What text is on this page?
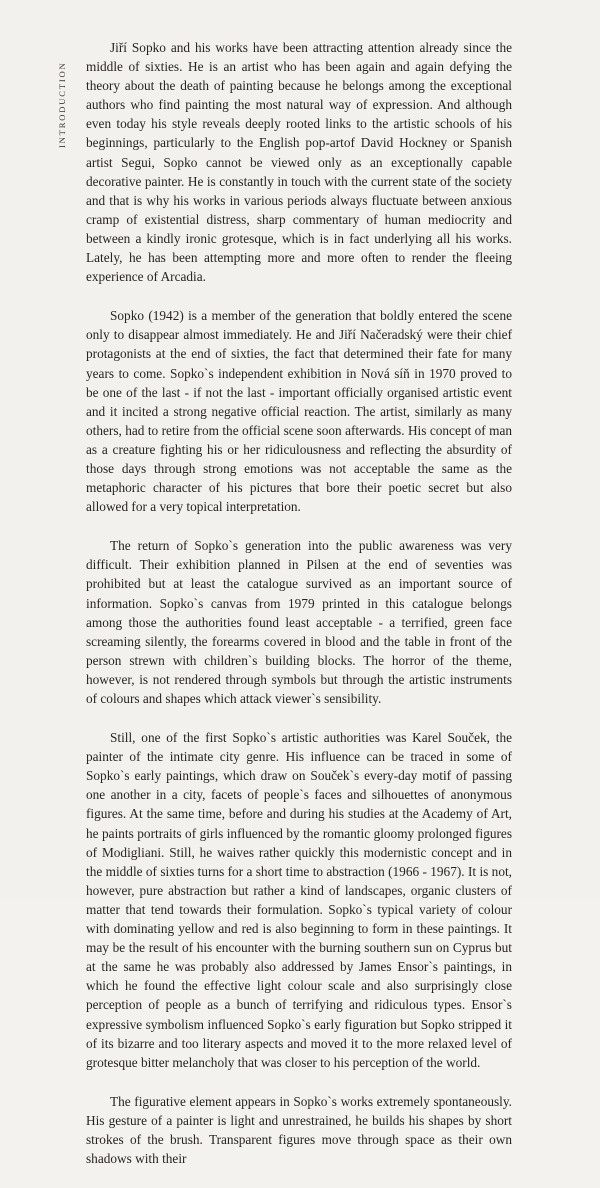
INTRODUCTION

Jiří Sopko and his works have been attracting attention already since the middle of sixties. He is an artist who has been again and again defying the theory about the death of painting because he belongs among the exceptional authors who find painting the most natural way of expression. And although even today his style reveals deeply rooted links to the artistic schools of his beginnings, particularly to the English pop-artof David Hockney or Spanish artist Segui, Sopko cannot be viewed only as an exceptionally capable decorative painter. He is constantly in touch with the current state of the society and that is why his works in various periods always fluctuate between anxious cramp of existential distress, sharp commentary of human mediocrity and between a kindly ironic grotesque, which is in fact underlying all his works. Lately, he has been attempting more and more often to render the fleeing experience of Arcadia.

Sopko (1942) is a member of the generation that boldly entered the scene only to disappear almost immediately. He and Jiří Načeradský were their chief protagonists at the end of sixties, the fact that determined their fate for many years to come. Sopko`s independent exhibition in Nová síň in 1970 proved to be one of the last - if not the last - important officially organised artistic event and it incited a strong negative official reaction. The artist, similarly as many others, had to retire from the official scene soon afterwards. His concept of man as a creature fighting his or her ridiculousness and reflecting the absurdity of those days through strong emotions was not acceptable the same as the metaphoric character of his pictures that bore their poetic secret but also allowed for a very topical interpretation.

The return of Sopko`s generation into the public awareness was very difficult. Their exhibition planned in Pilsen at the end of seventies was prohibited but at least the catalogue survived as an important source of information. Sopko`s canvas from 1979 printed in this catalogue belongs among those the authorities found least acceptable - a terrified, green face screaming silently, the forearms covered in blood and the table in front of the person strewn with children`s building blocks. The horror of the theme, however, is not rendered through symbols but through the artistic instruments of colours and shapes which attack viewer`s sensibility.

Still, one of the first Sopko`s artistic authorities was Karel Souček, the painter of the intimate city genre. His influence can be traced in some of Sopko`s early paintings, which draw on Souček`s every-day motif of passing one another in a city, facets of people`s faces and silhouettes of anonymous figures. At the same time, before and during his studies at the Academy of Art, he paints portraits of girls influenced by the romantic gloomy prolonged figures of Modigliani. Still, he waives rather quickly this modernistic concept and in the middle of sixties turns for a short time to abstraction (1966 - 1967). It is not, however, pure abstraction but rather a kind of landscapes, organic clusters of matter that tend towards their formulation. Sopko`s typical variety of colour with dominating yellow and red is also beginning to form in these paintings. It may be the result of his encounter with the burning southern sun on Cyprus but at the same he was probably also addressed by James Ensor`s paintings, in which he found the effective light colour scale and also surprisingly close perception of people as a bunch of terrifying and ridiculous types. Ensor`s expressive symbolism influenced Sopko`s early figuration but Sopko stripped it of its bizarre and too literary aspects and moved it to the more relaxed level of grotesque bitter melancholy that was closer to his perception of the world.

The figurative element appears in Sopko`s works extremely spontaneously. His gesture of a painter is light and unrestrained, he builds his shapes by short strokes of the brush. Transparent figures move through space as their own shadows with their
